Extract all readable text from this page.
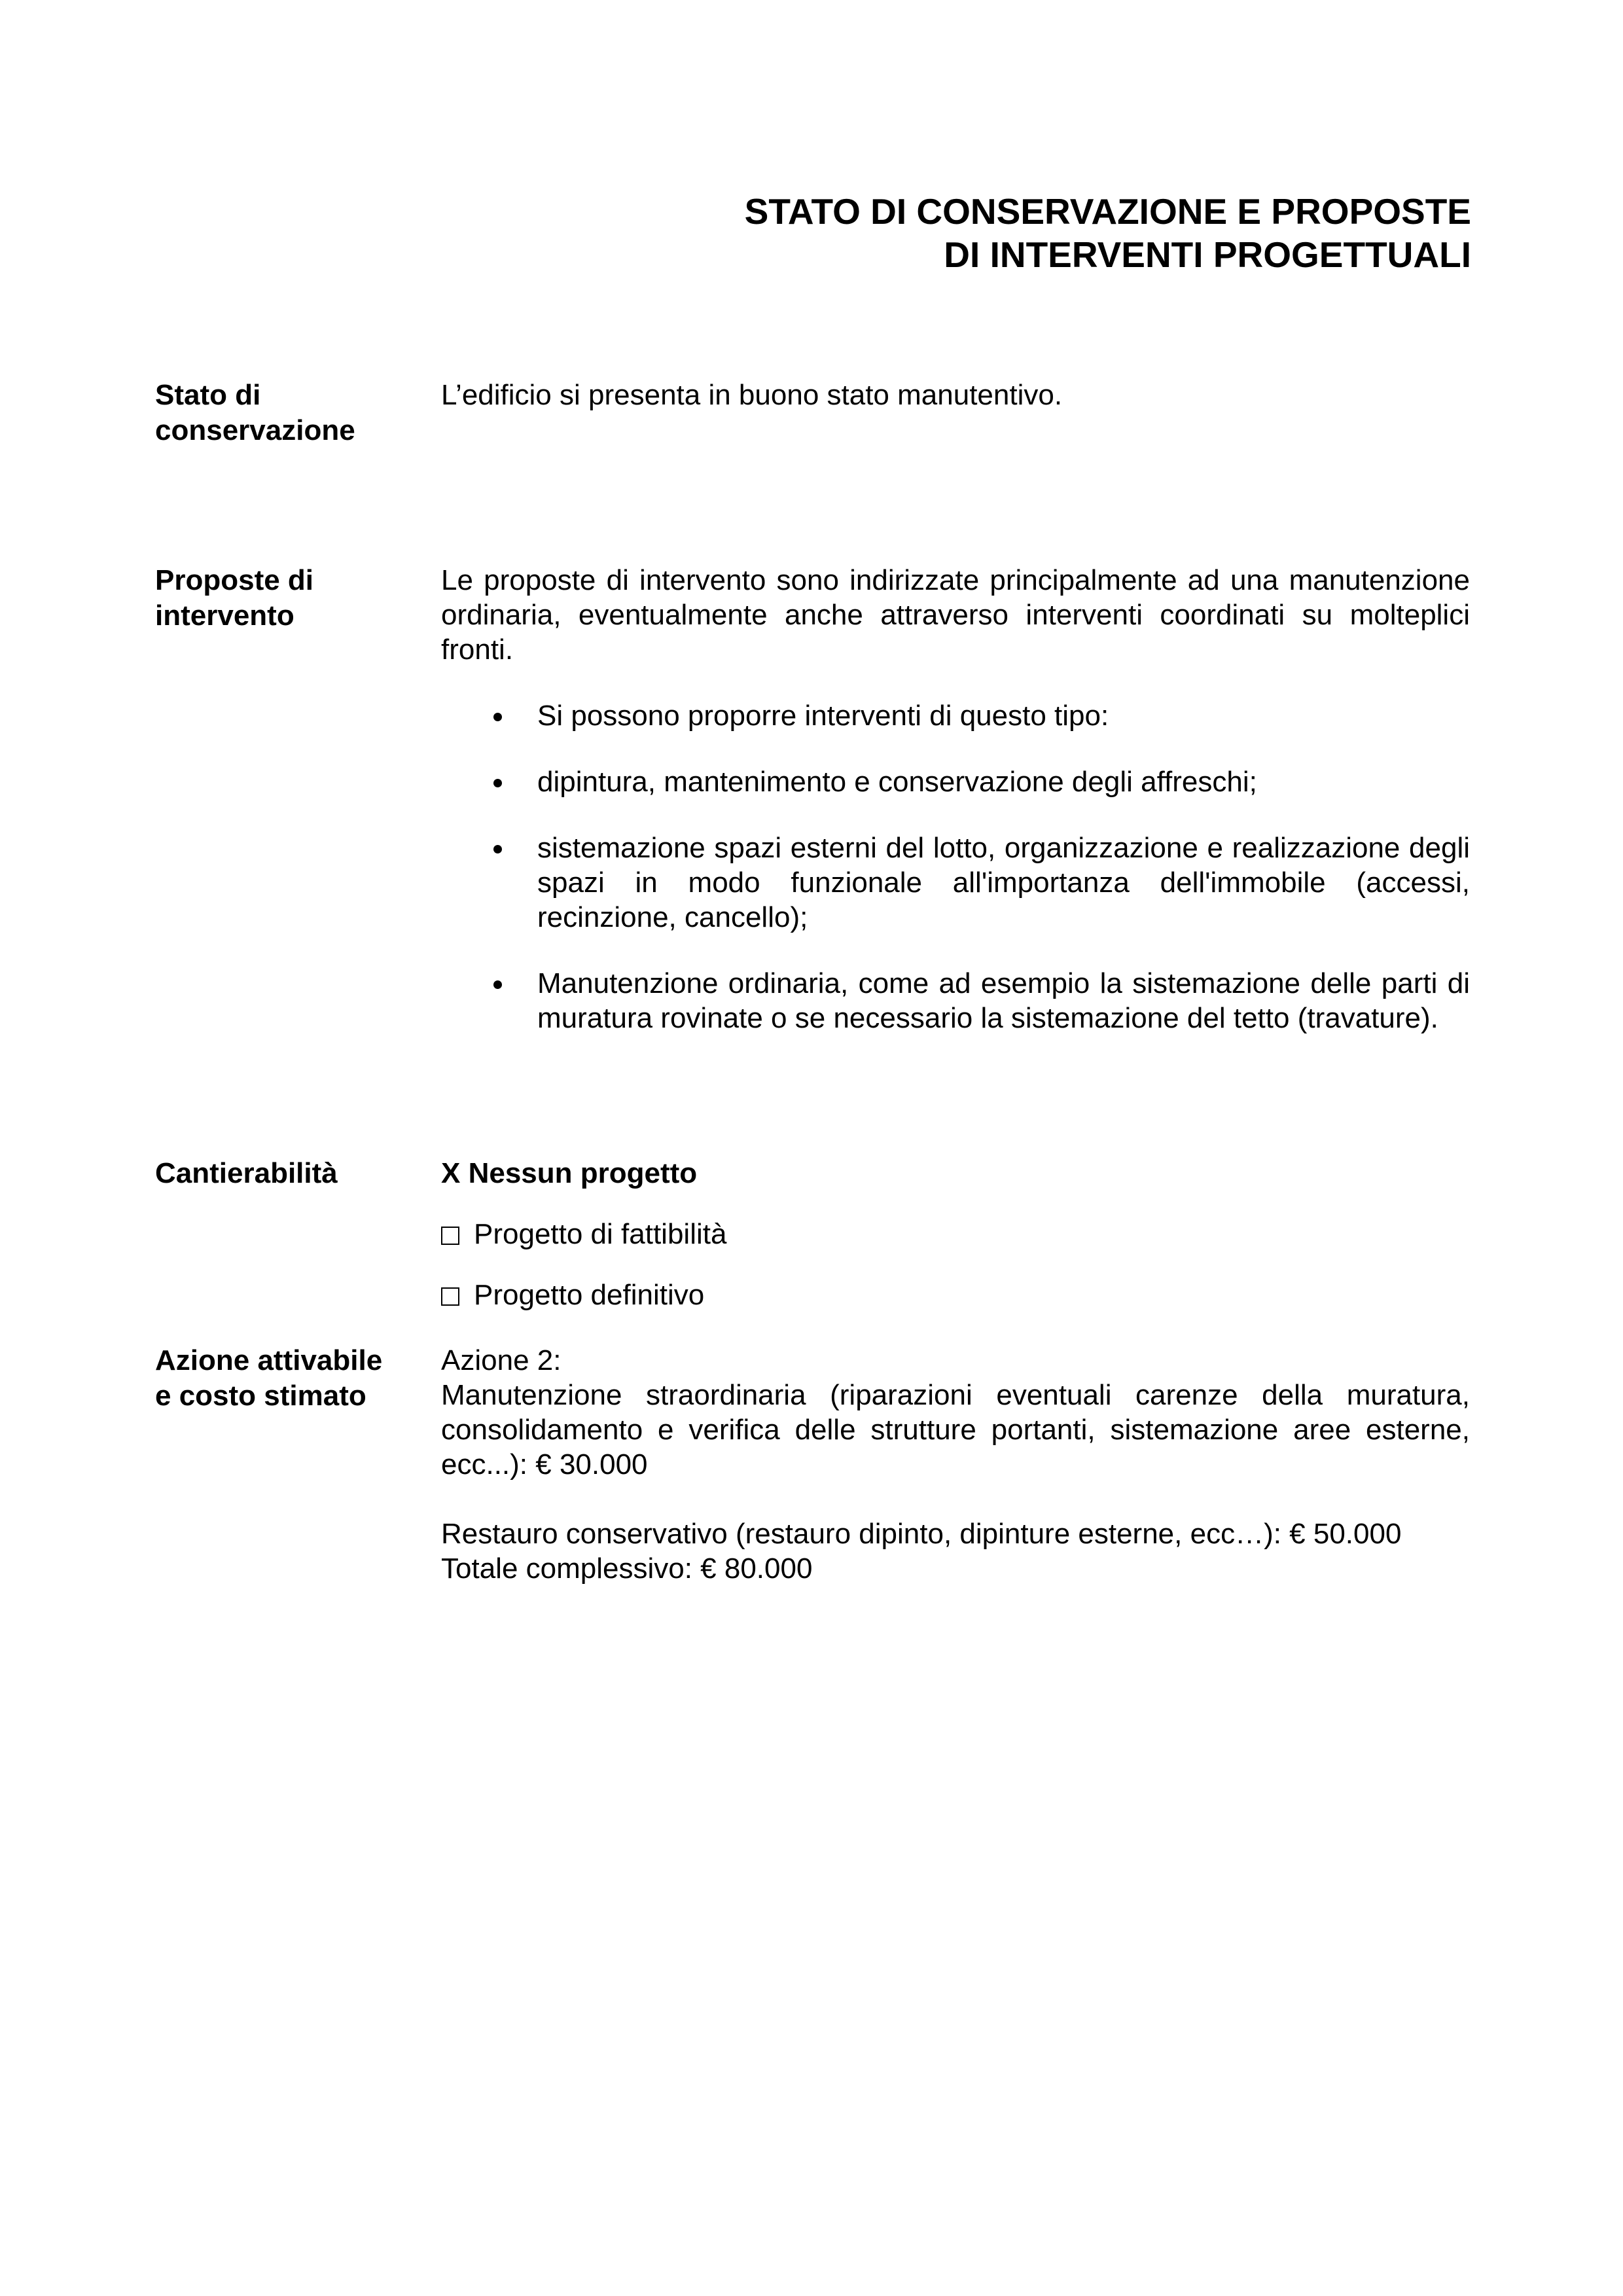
STATO DI CONSERVAZIONE E PROPOSTE
DI INTERVENTI PROGETTUALI
Stato di
conservazione

L’edificio si presenta in buono stato manutentivo.

Proposte di
intervento

Le proposte di intervento sono indirizzate principalmente ad una manutenzione ordinaria, eventualmente anche attraverso interventi coordinati su molteplici fronti.

Si possono proporre interventi di questo tipo:
dipintura, mantenimento e conservazione degli affreschi;
sistemazione spazi esterni del lotto, organizzazione e realizzazione degli spazi in modo funzionale all'importanza dell'immobile (accessi, recinzione, cancello);
Manutenzione ordinaria, come ad esempio la sistemazione delle parti di muratura rovinate o se necessario la sistemazione del tetto (travature).
Cantierabilità	X Nessun progetto
Progetto di fattibilità
Progetto definitivo
Azione attivabile
e costo stimato
Azione 2:

Manutenzione straordinaria (riparazioni eventuali carenze della muratura, consolidamento e verifica delle strutture portanti, sistemazione aree esterne, ecc...): € 30.000

Restauro conservativo (restauro dipinto, dipinture esterne, ecc…): € 50.000
Totale complessivo: € 80.000
